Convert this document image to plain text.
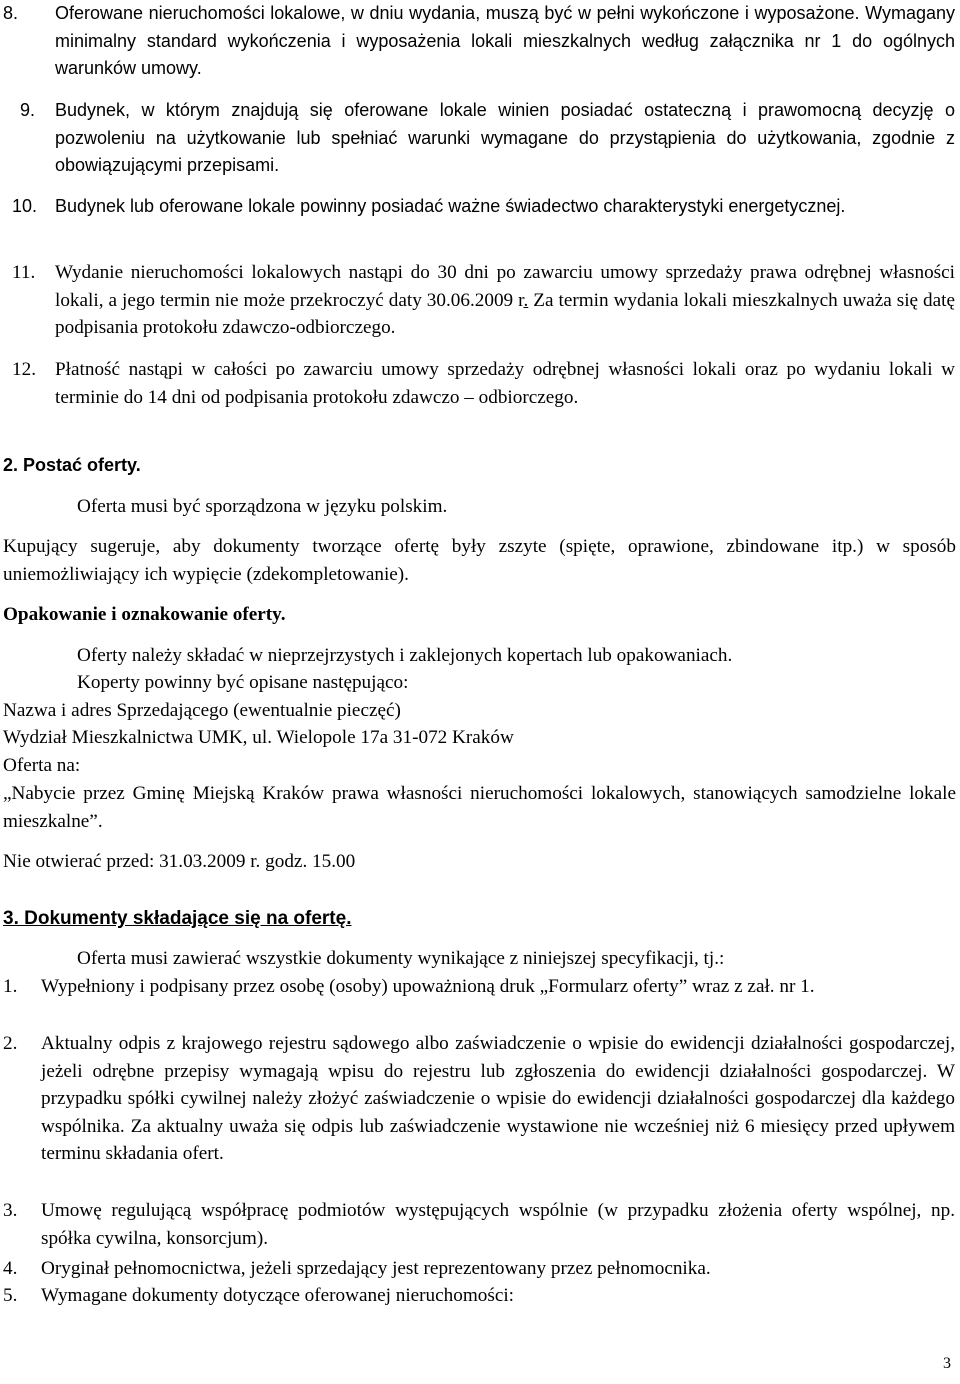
8. Oferowane nieruchomości lokalowe, w dniu wydania, muszą być w pełni wykończone i wyposażone. Wymagany minimalny standard wykończenia i wyposażenia lokali mieszkalnych według załącznika nr 1 do ogólnych warunków umowy.
9. Budynek, w którym znajdują się oferowane lokale winien posiadać ostateczną i prawomocną decyzję o pozwoleniu na użytkowanie lub spełniać warunki wymagane do przystąpienia do użytkowania, zgodnie z obowiązującymi przepisami.
10. Budynek lub oferowane lokale powinny posiadać ważne świadectwo charakterystyki energetycznej.
11. Wydanie nieruchomości lokalowych nastąpi do 30 dni po zawarciu umowy sprzedaży prawa odrębnej własności lokali, a jego termin nie może przekroczyć daty 30.06.2009 r. Za termin wydania lokali mieszkalnych uważa się datę podpisania protokołu zdawczo-odbiorczego.
12. Płatność nastąpi w całości po zawarciu umowy sprzedaży odrębnej własności lokali oraz po wydaniu lokali w terminie do 14 dni od podpisania protokołu zdawczo – odbiorczego.
2. Postać oferty.
Oferta musi być sporządzona w języku polskim.
Kupujący sugeruje, aby dokumenty tworzące ofertę były zszyte (spięte, oprawione, zbindowane itp.) w sposób uniemożliwiający ich wypięcie (zdekompletowanie).
Opakowanie i oznakowanie oferty.
Oferty należy składać w nieprzejrzystych i zaklejonych kopertach lub opakowaniach.
Koperty powinny być opisane następująco:
Nazwa i adres Sprzedającego (ewentualnie pieczęć)
Wydział Mieszkalnictwa UMK, ul. Wielopole 17a 31-072 Kraków
Oferta na:
„Nabycie przez Gminę Miejską Kraków prawa własności nieruchomości lokalowych, stanowiących samodzielne lokale mieszkalne”.
Nie otwierać przed: 31.03.2009 r. godz. 15.00
3. Dokumenty składające się na ofertę.
Oferta musi zawierać wszystkie dokumenty wynikające z niniejszej specyfikacji, tj.:
1. Wypełniony i podpisany przez osobę (osoby) upoważnioną druk „Formularz oferty” wraz z zał. nr 1.
2. Aktualny odpis z krajowego rejestru sądowego albo zaświadczenie o wpisie do ewidencji działalności gospodarczej, jeżeli odrębne przepisy wymagają wpisu do rejestru lub zgłoszenia do ewidencji działalności gospodarczej. W przypadku spółki cywilnej należy złożyć zaświadczenie o wpisie do ewidencji działalności gospodarczej dla każdego wspólnika. Za aktualny uważa się odpis lub zaświadczenie wystawione nie wcześniej niż 6 miesięcy przed upływem terminu składania ofert.
3. Umowę regulującą współpracę podmiotów występujących wspólnie (w przypadku złożenia oferty wspólnej, np. spółka cywilna, konsorcjum).
4. Oryginał pełnomocnictwa, jeżeli sprzedający jest reprezentowany przez pełnomocnika.
5. Wymagane dokumenty dotyczące oferowanej nieruchomości:
3
